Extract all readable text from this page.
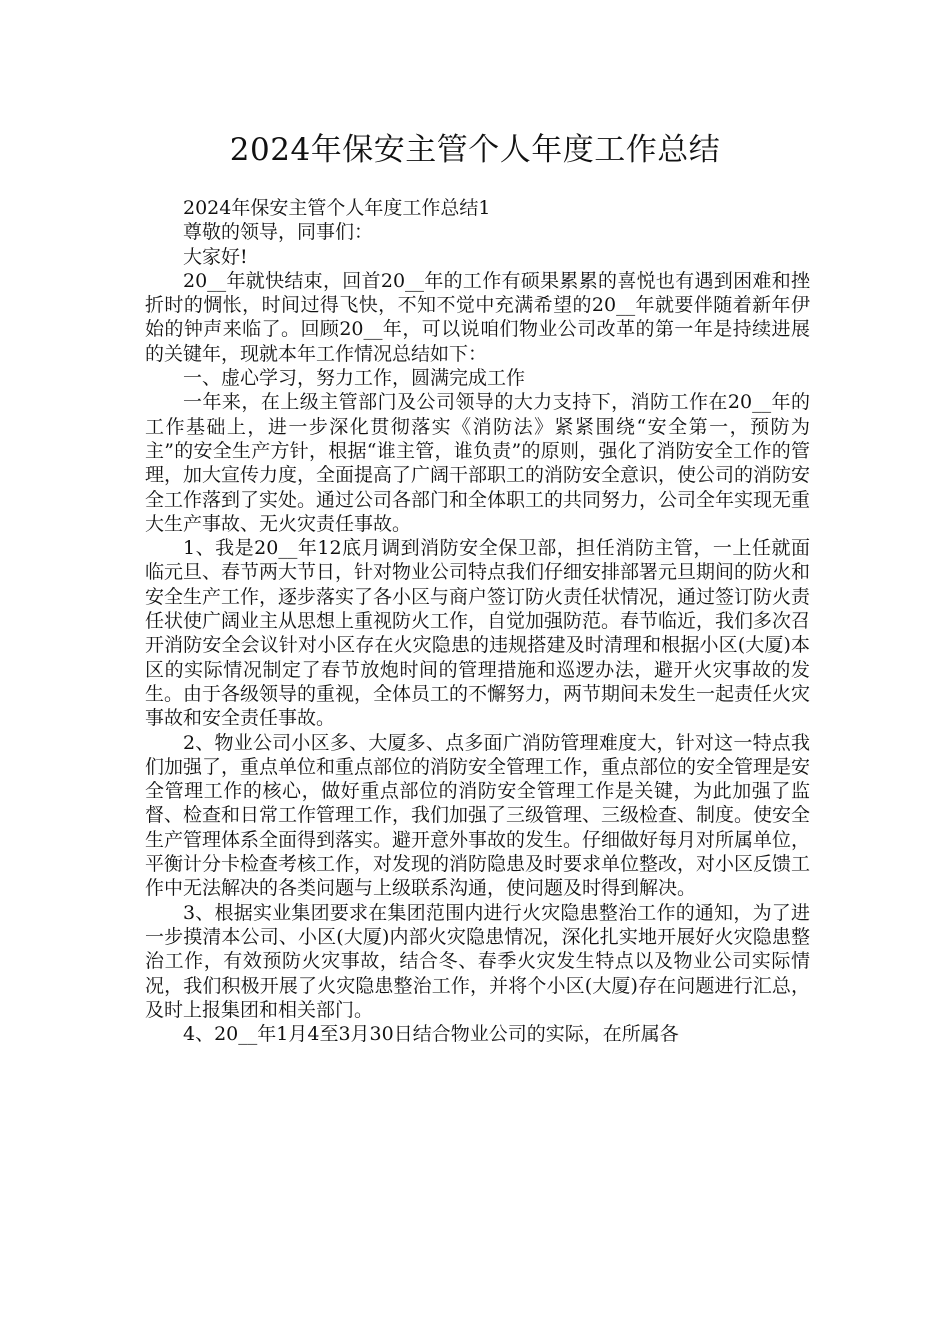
2024年保安主管个人年度工作总结

2024年保安主管个人年度工作总结1

尊敬的领导，同事们：

大家好!

20__年就快结束，回首20__年的工作有硕果累累的喜悦也有遇到困难和挫折时的惆怅，时间过得飞快，不知不觉中充满希望的20__年就要伴随着新年伊始的钟声来临了。回顾20__年，可以说咱们物业公司改革的第一年是持续进展的关键年，现就本年工作情况总结如下：

一、虚心学习，努力工作，圆满完成工作

一年来，在上级主管部门及公司领导的大力支持下，消防工作在20__年的工作基础上，进一步深化贯彻落实《消防法》紧紧围绕“安全第一，预防为主”的安全生产方针，根据“谁主管，谁负责”的原则，强化了消防安全工作的管理，加大宣传力度，全面提高了广阔干部职工的消防安全意识，使公司的消防安全工作落到了实处。通过公司各部门和全体职工的共同努力，公司全年实现无重大生产事故、无火灾责任事故。

1、我是20__年12底月调到消防安全保卫部，担任消防主管，一上任就面临元旦、春节两大节日，针对物业公司特点我们仔细安排部署元旦期间的防火和安全生产工作，逐步落实了各小区与商户签订防火责任状情况，通过签订防火责任状使广阔业主从思想上重视防火工作，自觉加强防范。春节临近，我们多次召开消防安全会议针对小区存在火灾隐患的违规搭建及时清理和根据小区(大厦)本区的实际情况制定了春节放炮时间的管理措施和巡逻办法，避开火灾事故的发生。由于各级领导的重视，全体员工的不懈努力，两节期间未发生一起责任火灾事故和安全责任事故。

2、物业公司小区多、大厦多、点多面广消防管理难度大，针对这一特点我们加强了，重点单位和重点部位的消防安全管理工作，重点部位的安全管理是安全管理工作的核心，做好重点部位的消防安全管理工作是关键，为此加强了监督、检查和日常工作管理工作，我们加强了三级管理、三级检查、制度。使安全生产管理体系全面得到落实。避开意外事故的发生。仔细做好每月对所属单位，平衡计分卡检查考核工作，对发现的消防隐患及时要求单位整改，对小区反馈工作中无法解决的各类问题与上级联系沟通，使问题及时得到解决。

3、根据实业集团要求在集团范围内进行火灾隐患整治工作的通知，为了进一步摸清本公司、小区(大厦)内部火灾隐患情况，深化扎实地开展好火灾隐患整治工作，有效预防火灾事故，结合冬、春季火灾发生特点以及物业公司实际情况，我们积极开展了火灾隐患整治工作，并将个小区(大厦)存在问题进行汇总，及时上报集团和相关部门。

4、20__年1月4至3月30日结合物业公司的实际，在所属各
